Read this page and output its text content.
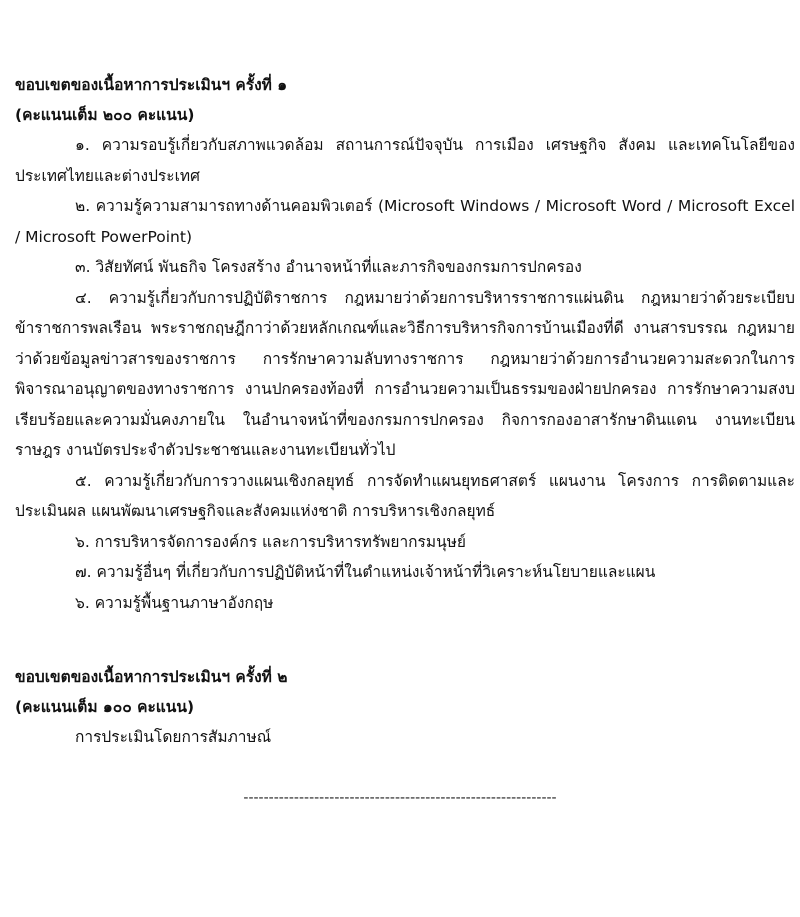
ขอบเขตของเนื้อหาการประเมินฯ ครั้งที่ ๑

(คะแนนเต็ม ๒๐๐ คะแนน)

๑. ความรอบรู้เกี่ยวกับสภาพแวดล้อม สถานการณ์ปัจจุบัน การเมือง เศรษฐกิจ สังคม และเทคโนโลยีของประเทศไทยและต่างประเทศ

๒. ความรู้ความสามารถทางด้านคอมพิวเตอร์ (Microsoft Windows / Microsoft Word / Microsoft Excel / Microsoft PowerPoint)

๓. วิสัยทัศน์ พันธกิจ โครงสร้าง อำนาจหน้าที่และภารกิจของกรมการปกครอง

๔. ความรู้เกี่ยวกับการปฏิบัติราชการ กฎหมายว่าด้วยการบริหารราชการแผ่นดิน กฎหมายว่าด้วยระเบียบข้าราชการพลเรือน พระราชกฤษฎีกาว่าด้วยหลักเกณฑ์และวิธีการบริหารกิจการบ้านเมืองที่ดี งานสารบรรณ กฎหมายว่าด้วยข้อมูลข่าวสารของราชการ การรักษาความลับทางราชการ กฎหมายว่าด้วยการอำนวยความสะดวกในการพิจารณาอนุญาตของทางราชการ งานปกครองท้องที่ การอำนวยความเป็นธรรมของฝ่ายปกครอง การรักษาความสงบเรียบร้อยและความมั่นคงภายใน ในอำนาจหน้าที่ของกรมการปกครอง กิจการกองอาสารักษาดินแดน งานทะเบียนราษฎร งานบัตรประจำตัวประชาชนและงานทะเบียนทั่วไป

๕. ความรู้เกี่ยวกับการวางแผนเชิงกลยุทธ์ การจัดทำแผนยุทธศาสตร์ แผนงาน โครงการ การติดตามและประเมินผล แผนพัฒนาเศรษฐกิจและสังคมแห่งชาติ การบริหารเชิงกลยุทธ์

๖. การบริหารจัดการองค์กร และการบริหารทรัพยากรมนุษย์

๗. ความรู้อื่นๆ ที่เกี่ยวกับการปฏิบัติหน้าที่ในตำแหน่งเจ้าหน้าที่วิเคราะห์นโยบายและแผน

๖. ความรู้พื้นฐานภาษาอังกฤษ

ขอบเขตของเนื้อหาการประเมินฯ ครั้งที่ ๒

(คะแนนเต็ม ๑๐๐ คะแนน)

การประเมินโดยการสัมภาษณ์

--------------------------------------------------------------
